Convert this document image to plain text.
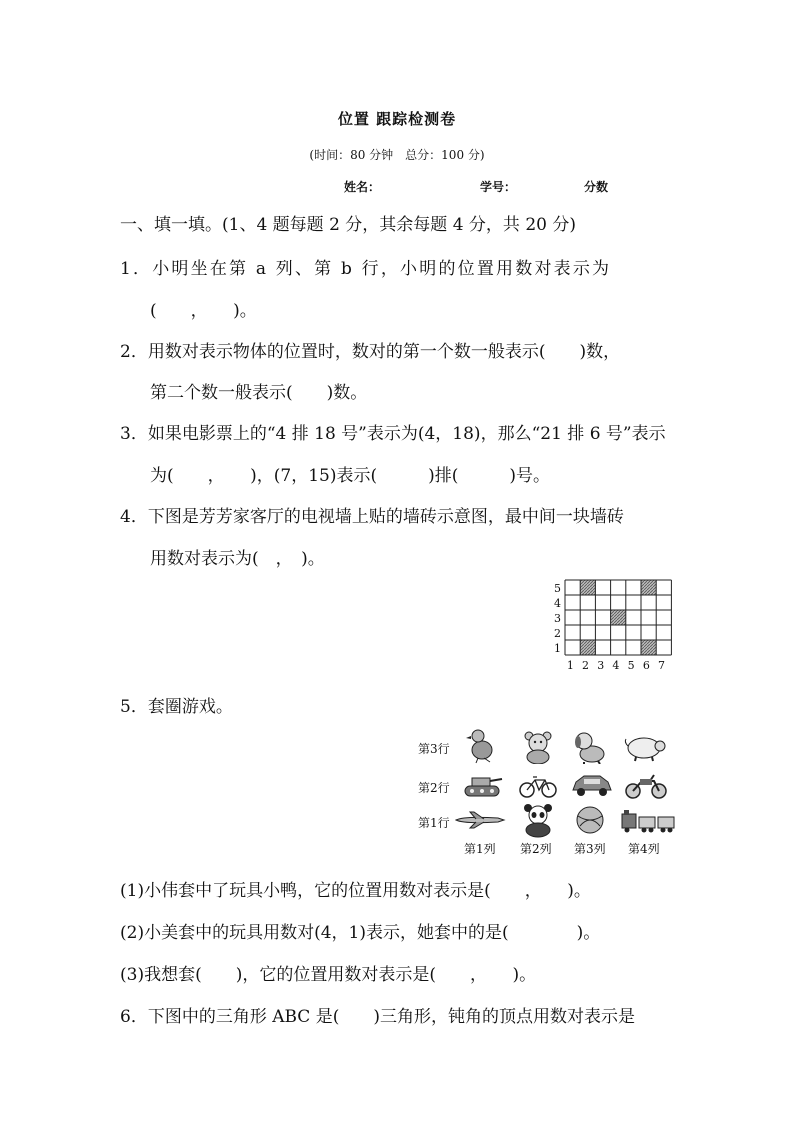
位置 跟踪检测卷
(时间：80 分钟　总分：100 分)
姓名：	学号：	分数
一、填一填。(1、4 题每题 2 分，其余每题 4 分，共 20 分)
1．小明坐在第 a 列、第 b 行，小明的位置用数对表示为
(　　，　　)。
2．用数对表示物体的位置时，数对的第一个数一般表示(　　)数，
第二个数一般表示(　　)数。
3．如果电影票上的“4 排 18 号”表示为(4，18)，那么“21 排 6 号”表示
为(　　，　　)，(7，15)表示(　　　)排(　　　)号。
4．下图是芳芳家客厅的电视墙上贴的墙砖示意图，最中间一块墙砖
用数对表示为(　，　)。
5
4
3
2
1
1 2 3 4 5 6 7
5．套圈游戏。
第3行
第2行
第1行
第1列 第2列 第3列 第4列
(1)小伟套中了玩具小鸭，它的位置用数对表示是(　　，　　)。
(2)小美套中的玩具用数对(4，1)表示，她套中的是(　　　　)。
(3)我想套(　　)，它的位置用数对表示是(　　，　　)。
6．下图中的三角形 ABC 是(　　)三角形，钝角的顶点用数对表示是
